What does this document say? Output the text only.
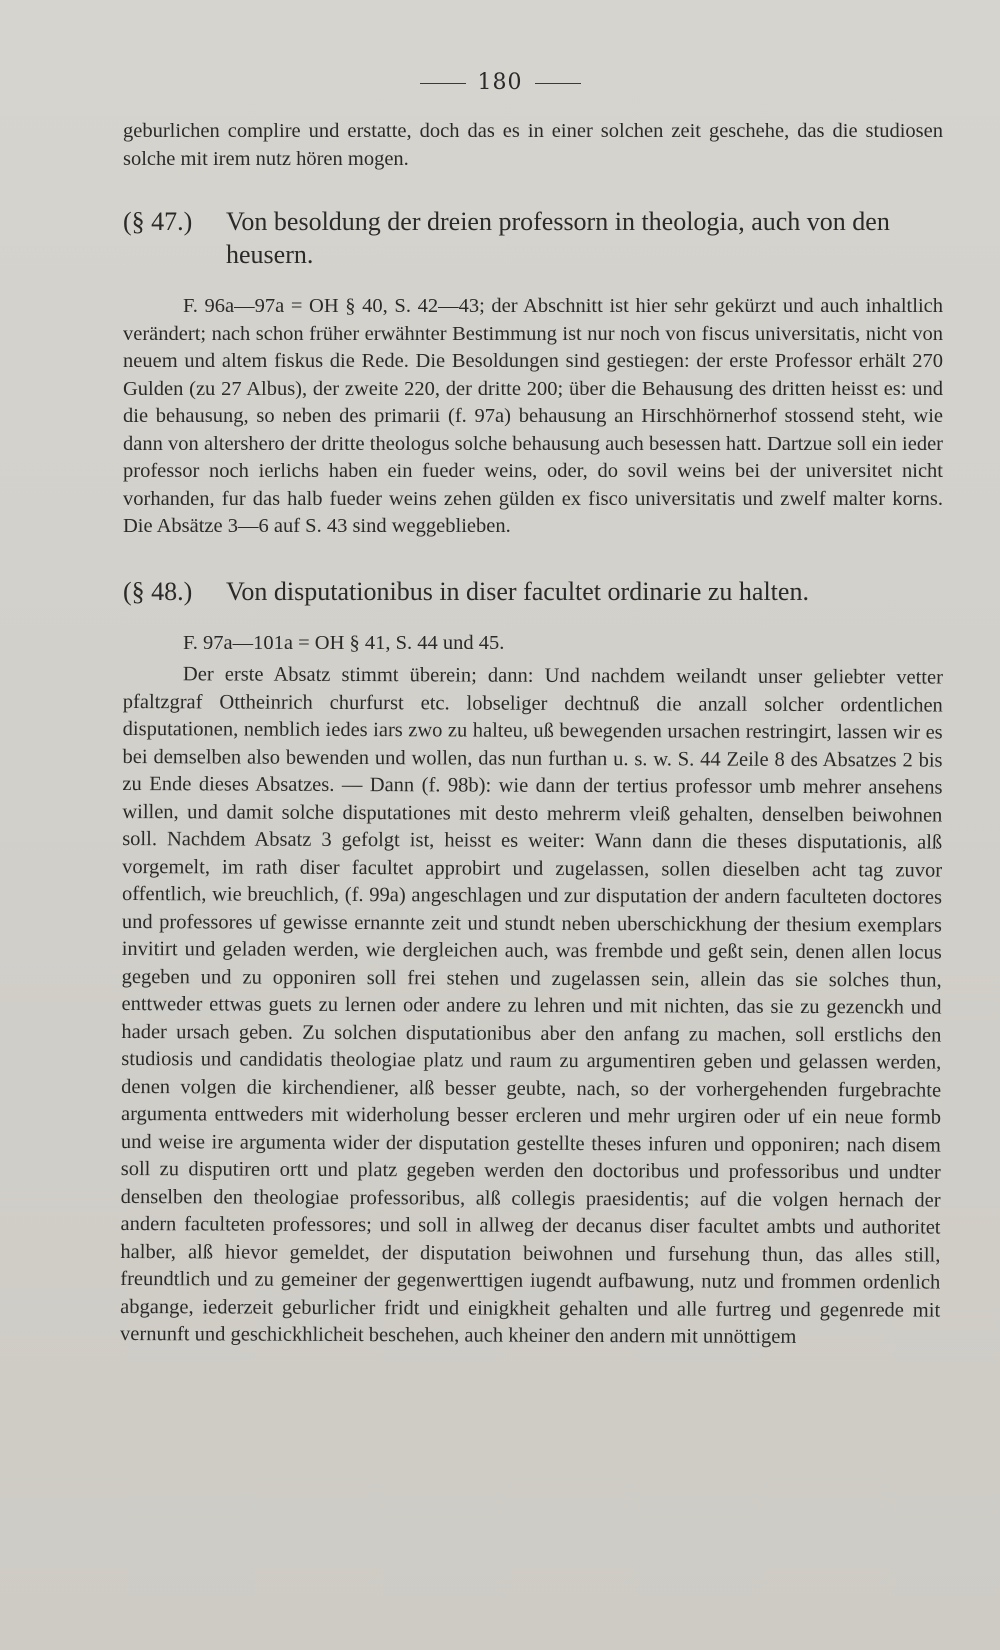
180

geburlichen complire und erstatte, doch das es in einer solchen zeit geschehe, das die studiosen solche mit irem nutz hören mogen.

(§ 47.) Von besoldung der dreien professorn in theologia, auch von den heusern.

F. 96a—97a = OH § 40, S. 42—43; der Abschnitt ist hier sehr gekürzt und auch inhaltlich verändert; nach schon früher erwähnter Bestimmung ist nur noch von fiscus universitatis, nicht von neuem und altem fiskus die Rede. Die Besoldungen sind gestiegen: der erste Professor erhält 270 Gulden (zu 27 Albus), der zweite 220, der dritte 200; über die Behausung des dritten heisst es: und die behausung, so neben des primarii (f. 97a) behausung an Hirschhörnerhof stossend steht, wie dann von altershero der dritte theologus solche behausung auch besessen hatt. Dartzue soll ein ieder professor noch ierlichs haben ein fueder weins, oder, do sovil weins bei der universitet nicht vorhanden, fur das halb fueder weins zehen gülden ex fisco universitatis und zwelf malter korns. Die Absätze 3—6 auf S. 43 sind weggeblieben.

(§ 48.) Von disputationibus in diser facultet ordinarie zu halten.

F. 97a—101a = OH § 41, S. 44 und 45.

Der erste Absatz stimmt überein; dann: Und nachdem weilandt unser geliebter vetter pfaltzgraf Ottheinrich churfurst etc. lobseliger dechtnuß die anzall solcher ordentlichen disputationen, nemblich iedes iars zwo zu halteu, uß bewegenden ursachen restringirt, lassen wir es bei demselben also bewenden und wollen, das nun furthan u. s. w. S. 44 Zeile 8 des Absatzes 2 bis zu Ende dieses Absatzes. — Dann (f. 98b): wie dann der tertius professor umb mehrer ansehens willen, und damit solche disputationes mit desto mehrerm vleiß gehalten, denselben beiwohnen soll. Nachdem Absatz 3 gefolgt ist, heisst es weiter: Wann dann die theses disputationis, alß vorgemelt, im rath diser facultet approbirt und zugelassen, sollen dieselben acht tag zuvor offentlich, wie breuchlich, (f. 99a) angeschlagen und zur disputation der andern faculteten doctores und professores uf gewisse ernannte zeit und stundt neben uberschickhung der thesium exemplars invitirt und geladen werden, wie dergleichen auch, was frembde und geßt sein, denen allen locus gegeben und zu opponiren soll frei stehen und zugelassen sein, allein das sie solches thun, enttweder ettwas guets zu lernen oder andere zu lehren und mit nichten, das sie zu gezenckh und hader ursach geben. Zu solchen disputationibus aber den anfang zu machen, soll erstlichs den studiosis und candidatis theologiae platz und raum zu argumentiren geben und gelassen werden, denen volgen die kirchendiener, alß besser geubte, nach, so der vorhergehenden furgebrachte argumenta enttweders mit widerholung besser ercleren und mehr urgiren oder uf ein neue formb und weise ire argumenta wider der disputation gestellte theses infuren und opponiren; nach disem soll zu disputiren ortt und platz gegeben werden den doctoribus und professoribus und undter denselben den theologiae professoribus, alß collegis praesidentis; auf die volgen hernach der andern faculteten professores; und soll in allweg der decanus diser facultet ambts und authoritet halber, alß hievor gemeldet, der disputation beiwohnen und fursehung thun, das alles still, freundtlich und zu gemeiner der gegenwerttigen iugendt aufbawung, nutz und frommen ordenlich abgange, iederzeit geburlicher fridt und einigkheit gehalten und alle furtreg und gegenrede mit vernunft und geschickhlicheit beschehen, auch kheiner den andern mit unnöttigem
